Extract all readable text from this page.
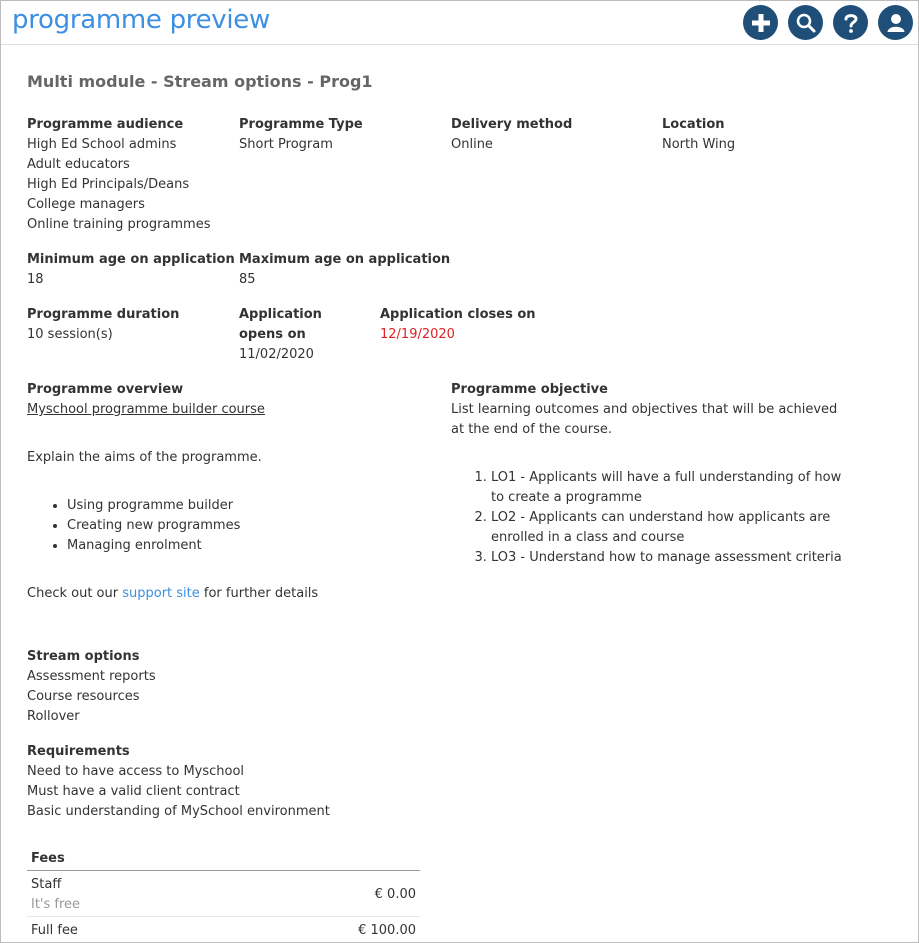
programme preview
Multi module - Stream options - Prog1
Programme audience
High Ed School admins
Adult educators
High Ed Principals/Deans
College managers
Online training programmes
Programme Type
Short Program
Delivery method
Online
Location
North Wing
Minimum age on application
18
Maximum age on application
85
Programme duration
10 session(s)
Application
opens on
11/02/2020
Application closes on
12/19/2020
Programme overview
Myschool programme builder course
Explain the aims of the programme.
• Using programme builder
• Creating new programmes
• Managing enrolment
Check out our support site for further details
Programme objective
List learning outcomes and objectives that will be achieved at the end of the course.
1. LO1 - Applicants will have a full understanding of how to create a programme
2. LO2 - Applicants can understand how applicants are enrolled in a class and course
3. LO3 - Understand how to manage assessment criteria
Stream options
Assessment reports
Course resources
Rollover
Requirements
Need to have access to Myschool
Must have a valid client contract
Basic understanding of MySchool environment
Fees
Staff
It's free
€ 0.00
Full fee	€ 100.00
